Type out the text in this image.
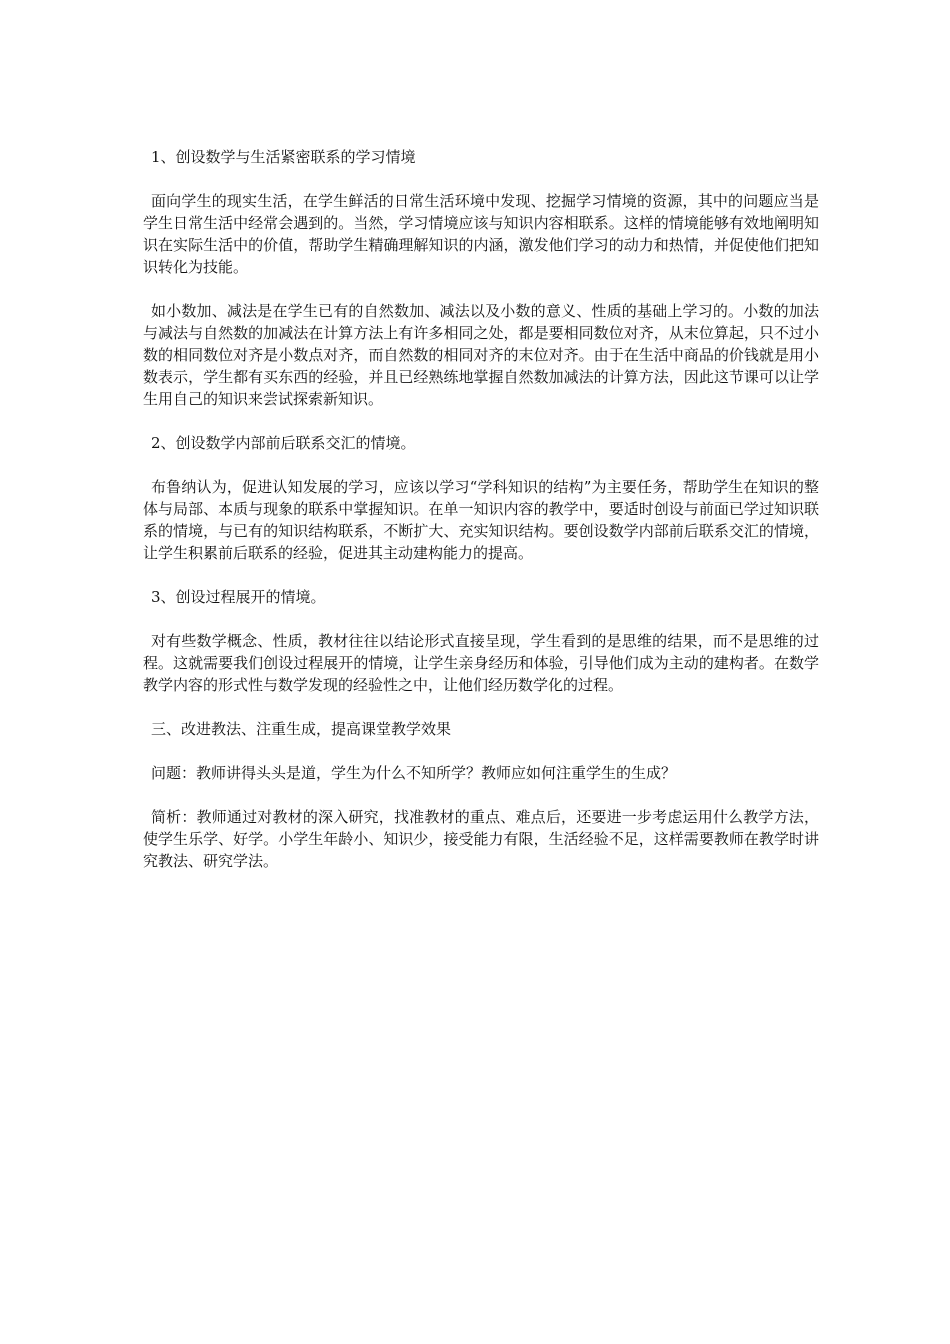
1、创设数学与生活紧密联系的学习情境

面向学生的现实生活，在学生鲜活的日常生活环境中发现、挖掘学习情境的资源，其中的问题应当是学生日常生活中经常会遇到的。当然，学习情境应该与知识内容相联系。这样的情境能够有效地阐明知识在实际生活中的价值，帮助学生精确理解知识的内涵，激发他们学习的动力和热情，并促使他们把知识转化为技能。

如小数加、减法是在学生已有的自然数加、减法以及小数的意义、性质的基础上学习的。小数的加法与减法与自然数的加减法在计算方法上有许多相同之处，都是要相同数位对齐，从末位算起，只不过小数的相同数位对齐是小数点对齐，而自然数的相同对齐的末位对齐。由于在生活中商品的价钱就是用小数表示，学生都有买东西的经验，并且已经熟练地掌握自然数加减法的计算方法，因此这节课可以让学生用自己的知识来尝试探索新知识。

2、创设数学内部前后联系交汇的情境。

布鲁纳认为，促进认知发展的学习，应该以学习“学科知识的结构”为主要任务，帮助学生在知识的整体与局部、本质与现象的联系中掌握知识。在单一知识内容的教学中，要适时创设与前面已学过知识联系的情境，与已有的知识结构联系，不断扩大、充实知识结构。要创设数学内部前后联系交汇的情境，让学生积累前后联系的经验，促进其主动建构能力的提高。

3、创设过程展开的情境。

对有些数学概念、性质，教材往往以结论形式直接呈现，学生看到的是思维的结果，而不是思维的过程。这就需要我们创设过程展开的情境，让学生亲身经历和体验，引导他们成为主动的建构者。在数学教学内容的形式性与数学发现的经验性之中，让他们经历数学化的过程。

三、改进教法、注重生成，提高课堂教学效果

问题：教师讲得头头是道，学生为什么不知所学？教师应如何注重学生的生成？

简析：教师通过对教材的深入研究，找准教材的重点、难点后，还要进一步考虑运用什么教学方法，使学生乐学、好学。小学生年龄小、知识少，接受能力有限，生活经验不足，这样需要教师在教学时讲究教法、研究学法。
